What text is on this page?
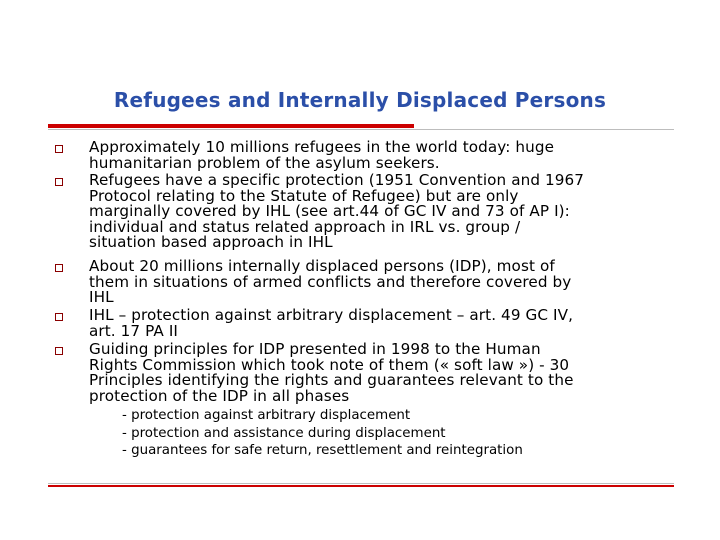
Refugees and Internally Displaced Persons
Approximately 10 millions refugees in the world today: huge
humanitarian problem of the asylum seekers.
Refugees have a specific protection (1951 Convention and 1967
Protocol relating to the Statute of Refugee) but are only
marginally covered by IHL (see art.44 of GC IV and 73 of AP I):
individual and status related approach in IRL vs. group /
situation based approach in IHL
About 20 millions internally displaced persons (IDP), most of
them in situations of armed conflicts and therefore covered by
IHL
IHL – protection against arbitrary displacement – art. 49 GC IV,
art. 17 PA II
Guiding principles for IDP presented in 1998 to the Human
Rights Commission which took note of them (« soft law ») - 30
Principles identifying the rights and guarantees relevant to the
protection of the IDP in all phases
- protection against arbitrary displacement
- protection and assistance during displacement
- guarantees for safe return, resettlement and reintegration
